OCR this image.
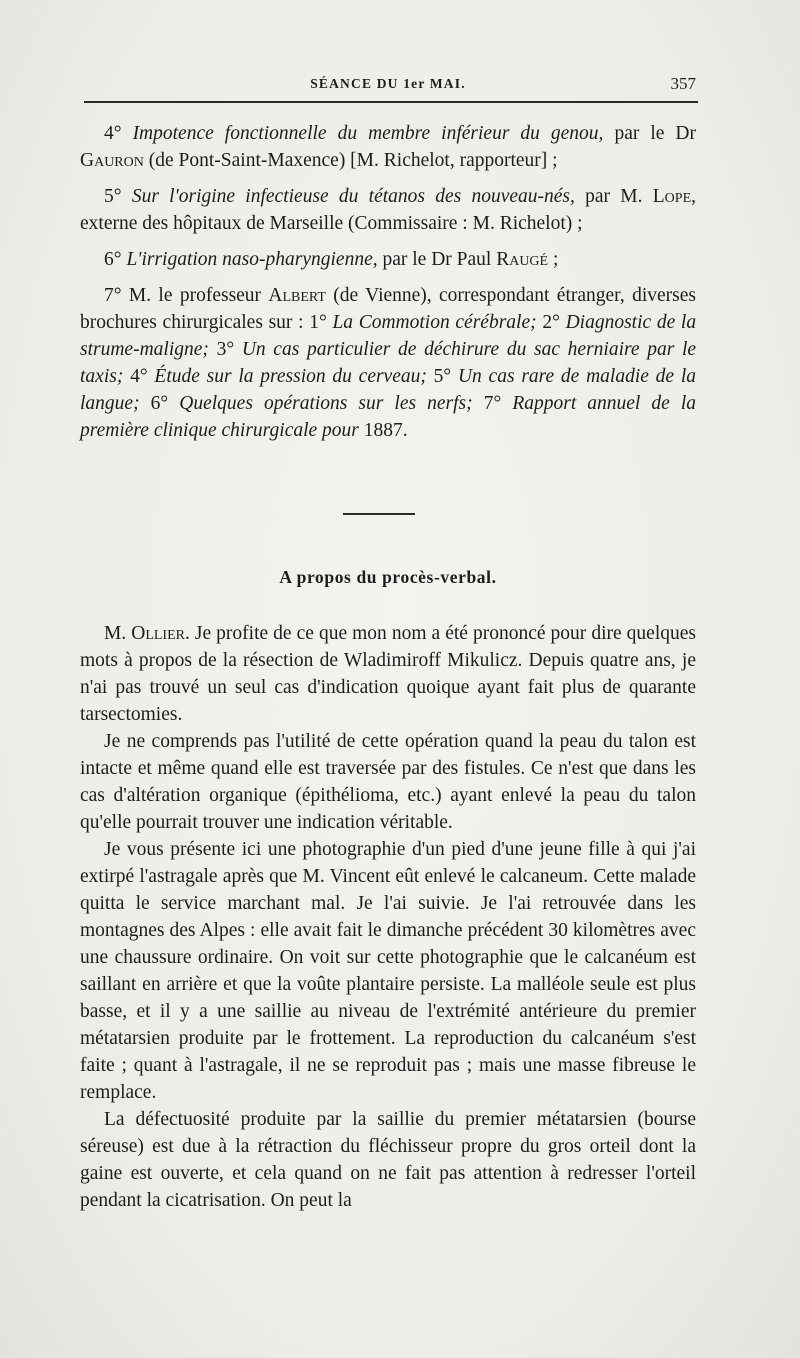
SÉANCE DU 1er MAI.	357

4° Impotence fonctionnelle du membre inférieur du genou, par le Dr Gauron (de Pont-Saint-Maxence) [M. Richelot, rapporteur] ;

5° Sur l'origine infectieuse du tétanos des nouveau-nés, par M. Lope, externe des hôpitaux de Marseille (Commissaire : M. Richelot) ;

6° L'irrigation naso-pharyngienne, par le Dr Paul Raugé ;

7° M. le professeur Albert (de Vienne), correspondant étranger, diverses brochures chirurgicales sur : 1° La Commotion cérébrale; 2° Diagnostic de la strume-maligne; 3° Un cas particulier de déchirure du sac herniaire par le taxis; 4° Étude sur la pression du cerveau; 5° Un cas rare de maladie de la langue; 6° Quelques opérations sur les nerfs; 7° Rapport annuel de la première clinique chirurgicale pour 1887.

A propos du procès-verbal.

M. Ollier. Je profite de ce que mon nom a été prononcé pour dire quelques mots à propos de la résection de Wladimiroff Mikulicz. Depuis quatre ans, je n'ai pas trouvé un seul cas d'indication quoique ayant fait plus de quarante tarsectomies.

Je ne comprends pas l'utilité de cette opération quand la peau du talon est intacte et même quand elle est traversée par des fistules. Ce n'est que dans les cas d'altération organique (épithélioma, etc.) ayant enlevé la peau du talon qu'elle pourrait trouver une indication véritable.

Je vous présente ici une photographie d'un pied d'une jeune fille à qui j'ai extirpé l'astragale après que M. Vincent eût enlevé le calcaneum. Cette malade quitta le service marchant mal. Je l'ai suivie. Je l'ai retrouvée dans les montagnes des Alpes : elle avait fait le dimanche précédent 30 kilomètres avec une chaussure ordinaire. On voit sur cette photographie que le calcanéum est saillant en arrière et que la voûte plantaire persiste. La malléole seule est plus basse, et il y a une saillie au niveau de l'extrémité antérieure du premier métatarsien produite par le frottement. La reproduction du calcanéum s'est faite ; quant à l'astragale, il ne se reproduit pas ; mais une masse fibreuse le remplace.

La défectuosité produite par la saillie du premier métatarsien (bourse séreuse) est due à la rétraction du fléchisseur propre du gros orteil dont la gaine est ouverte, et cela quand on ne fait pas attention à redresser l'orteil pendant la cicatrisation. On peut la
